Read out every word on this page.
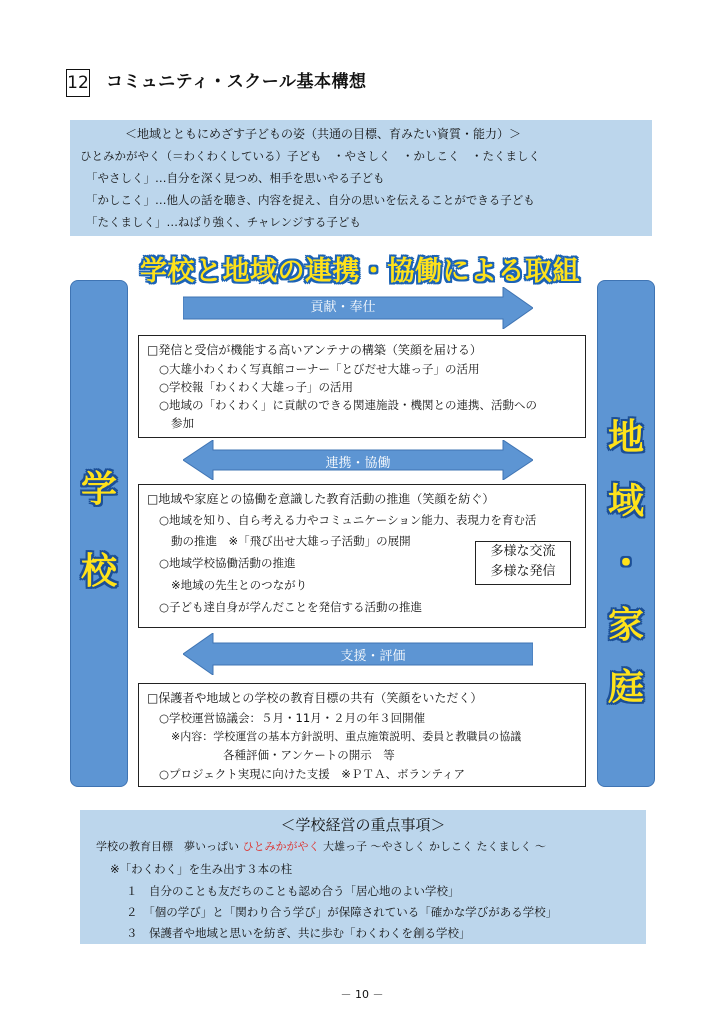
12 コミュニティ・スクール基本構想
＜地域とともにめざす子どもの姿（共通の目標、育みたい資質・能力）＞
ひとみかがやく（＝わくわくしている）子ども　・やさしく　・かしこく　・たくましく
「やさしく」…自分を深く見つめ、相手を思いやる子ども
「かしこく」…他人の話を聴き、内容を捉え、自分の思いを伝えることができる子ども
「たくましく」…ねばり強く、チャレンジする子ども
学校と地域の連携・協働による取組
学
校
地
域
・
家
庭
貢献・奉仕
□発信と受信が機能する高いアンテナの構築（笑顔を届ける）
○大雄小わくわく写真館コーナー「とびだせ大雄っ子」の活用
○学校報「わくわく大雄っ子」の活用
○地域の「わくわく」に貢献のできる関連施設・機関との連携、活動への
参加
連携・協働
□地域や家庭との協働を意識した教育活動の推進（笑顔を紡ぐ）
○地域を知り、自ら考える力やコミュニケーション能力、表現力を育む活
動の推進　※「飛び出せ大雄っ子活動」の展開
○地域学校協働活動の推進
※地域の先生とのつながり
○子ども達自身が学んだことを発信する活動の推進
多様な交流
多様な発信
支援・評価
□保護者や地域との学校の教育目標の共有（笑顔をいただく）
○学校運営協議会：５月・11月・２月の年３回開催
※内容：学校運営の基本方針説明、重点施策説明、委員と教職員の協議
各種評価・アンケートの開示　等
○プロジェクト実現に向けた支援　※ＰＴＡ、ボランティア
＜学校経営の重点事項＞
学校の教育目標　夢いっぱい ひとみかがやく 大雄っ子 〜やさしく かしこく たくましく 〜
※「わくわく」を生み出す３本の柱
１　自分のことも友だちのことも認め合う「居心地のよい学校」
２　「個の学び」と「関わり合う学び」が保障されている「確かな学びがある学校」
３　保護者や地域と思いを紡ぎ、共に歩む「わくわくを創る学校」
－ 10 －
